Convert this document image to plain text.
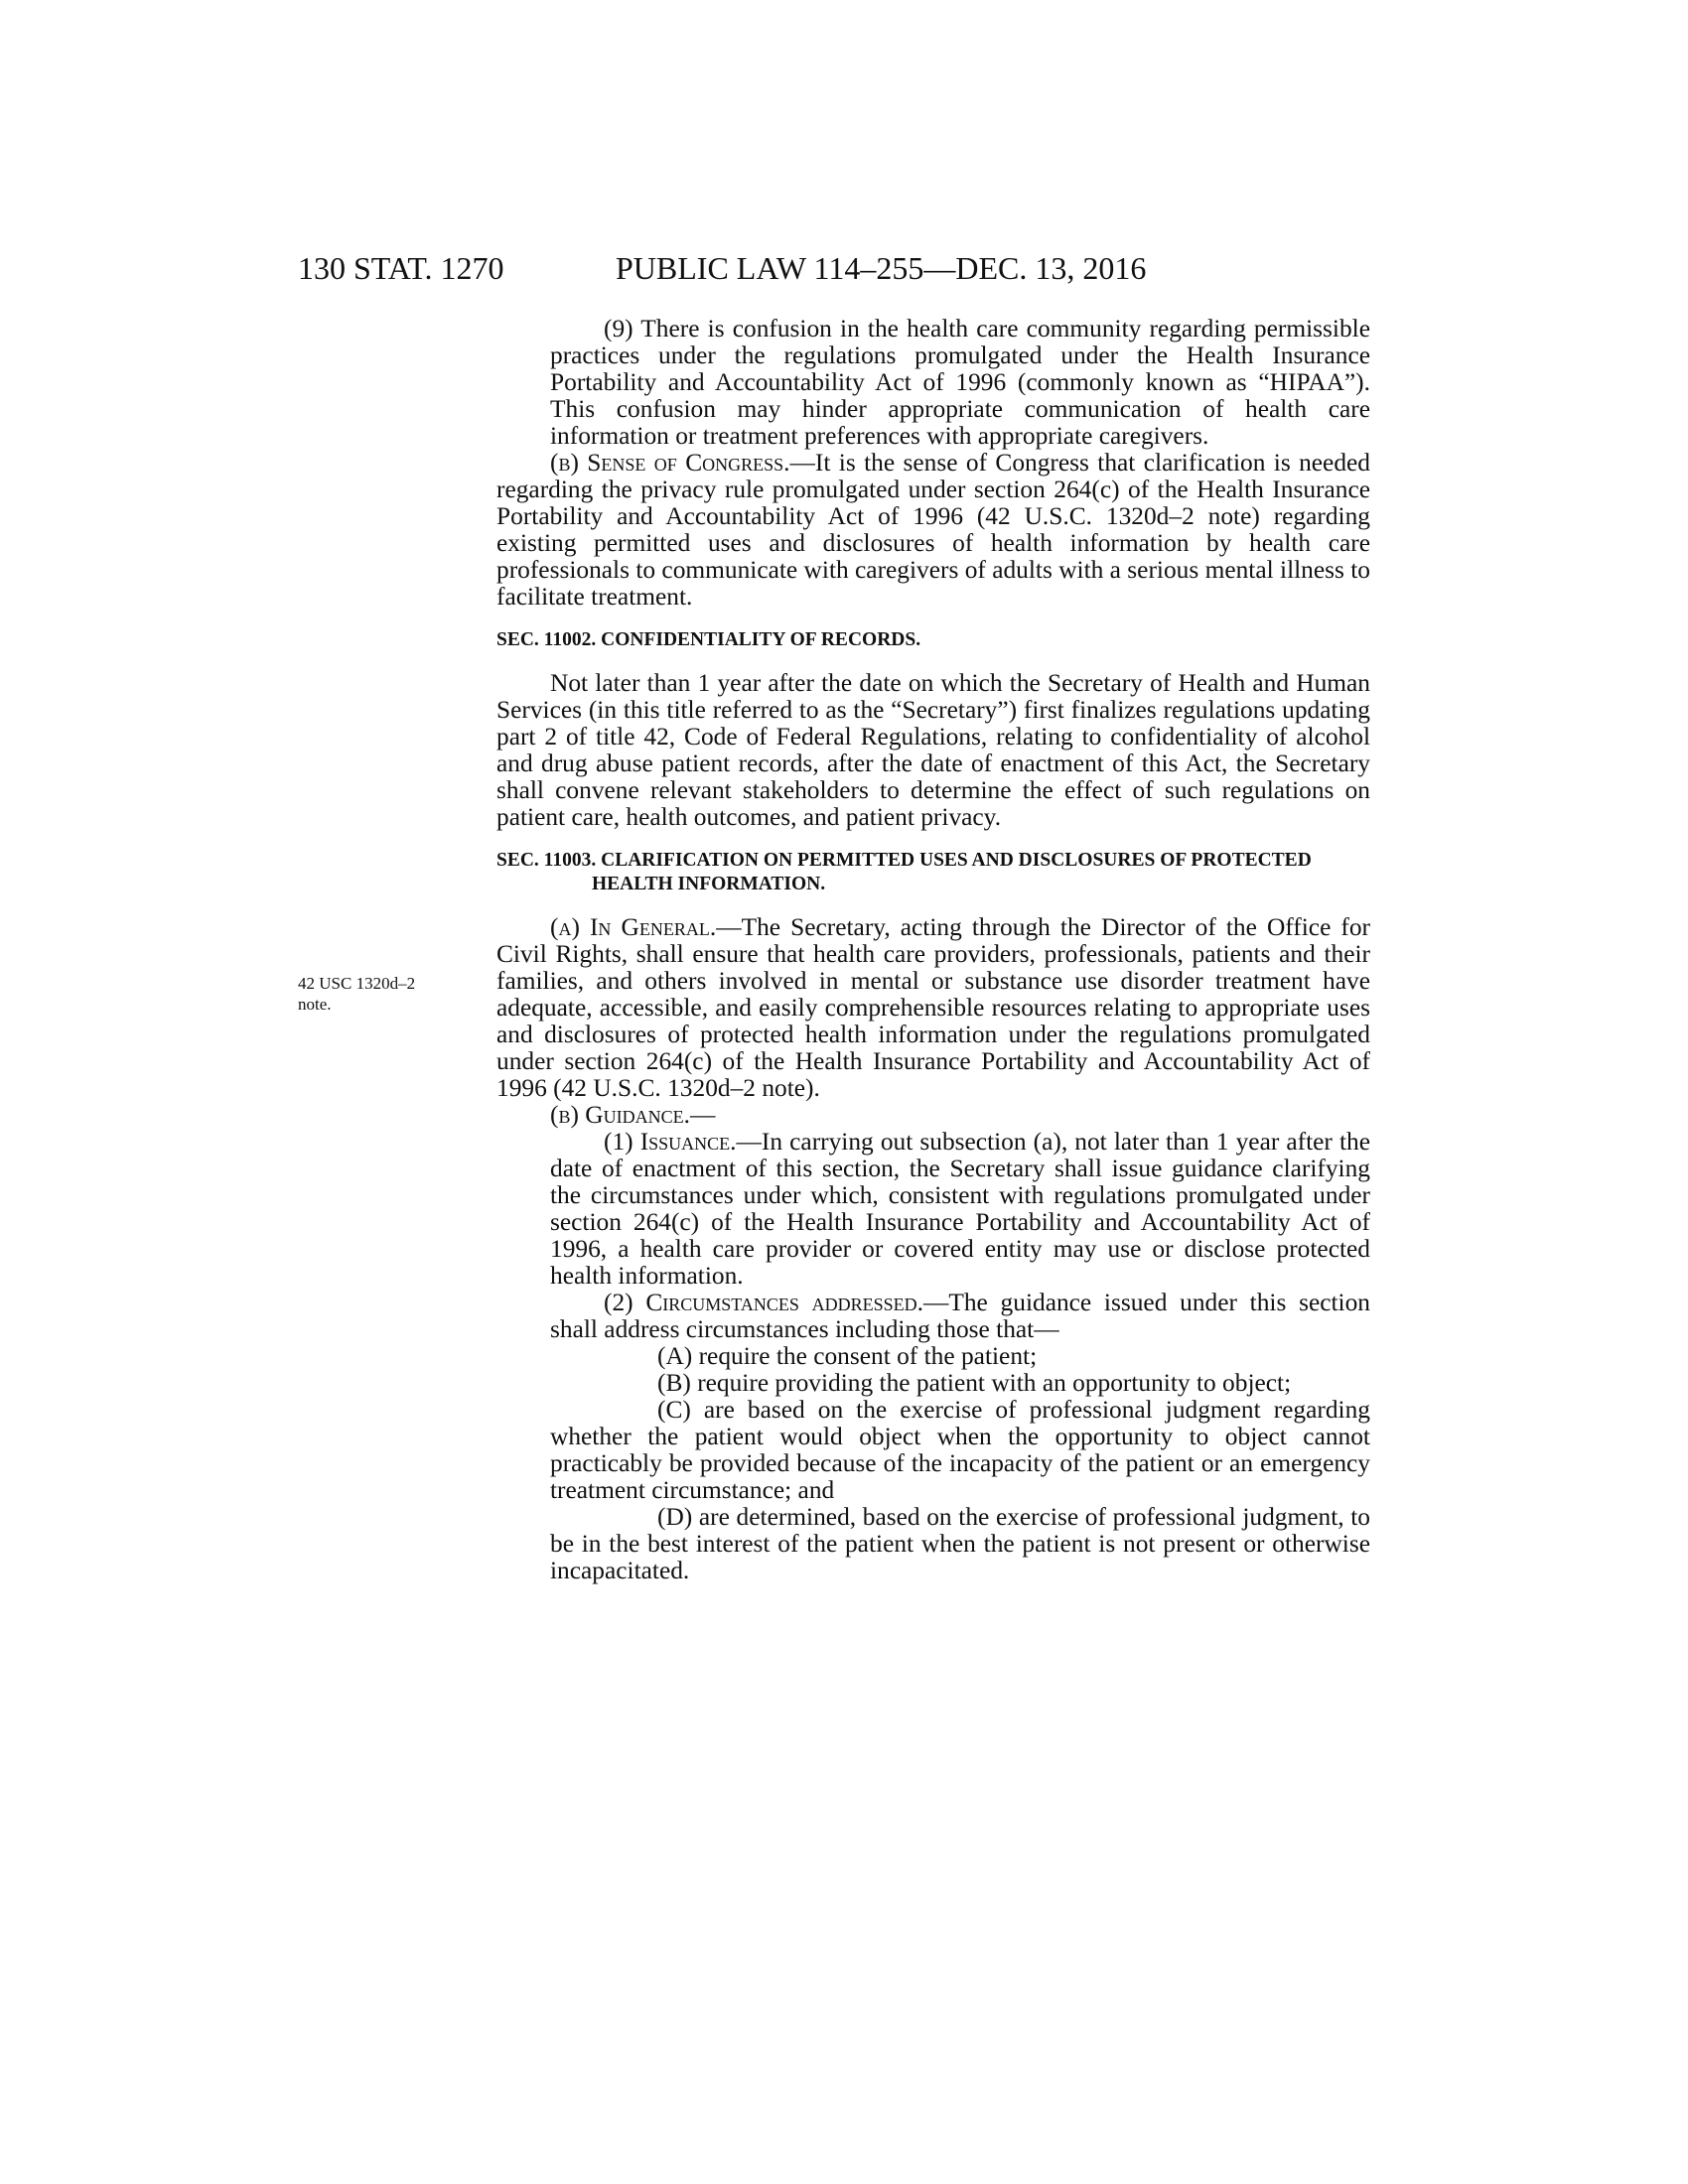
130 STAT. 1270	PUBLIC LAW 114–255—DEC. 13, 2016
42 USC 1320d–2
note.

(9) There is confusion in the health care community regarding permissible practices under the regulations promulgated under the Health Insurance Portability and Accountability Act of 1996 (commonly known as “HIPAA”). This confusion may hinder appropriate communication of health care information or treatment preferences with appropriate caregivers.

(b) Sense of Congress.—It is the sense of Congress that clarification is needed regarding the privacy rule promulgated under section 264(c) of the Health Insurance Portability and Accountability Act of 1996 (42 U.S.C. 1320d–2 note) regarding existing permitted uses and disclosures of health information by health care professionals to communicate with caregivers of adults with a serious mental illness to facilitate treatment.

SEC. 11002. CONFIDENTIALITY OF RECORDS.

Not later than 1 year after the date on which the Secretary of Health and Human Services (in this title referred to as the “Secretary”) first finalizes regulations updating part 2 of title 42, Code of Federal Regulations, relating to confidentiality of alcohol and drug abuse patient records, after the date of enactment of this Act, the Secretary shall convene relevant stakeholders to determine the effect of such regulations on patient care, health outcomes, and patient privacy.

SEC. 11003. CLARIFICATION ON PERMITTED USES AND DISCLOSURES OF PROTECTED HEALTH INFORMATION.

(a) In General.—The Secretary, acting through the Director of the Office for Civil Rights, shall ensure that health care providers, professionals, patients and their families, and others involved in mental or substance use disorder treatment have adequate, accessible, and easily comprehensible resources relating to appropriate uses and disclosures of protected health information under the regulations promulgated under section 264(c) of the Health Insurance Portability and Accountability Act of 1996 (42 U.S.C. 1320d–2 note).

(b) Guidance.—

(1) Issuance.—In carrying out subsection (a), not later than 1 year after the date of enactment of this section, the Secretary shall issue guidance clarifying the circumstances under which, consistent with regulations promulgated under section 264(c) of the Health Insurance Portability and Accountability Act of 1996, a health care provider or covered entity may use or disclose protected health information.

(2) Circumstances addressed.—The guidance issued under this section shall address circumstances including those that—

(A) require the consent of the patient;

(B) require providing the patient with an opportunity to object;

(C) are based on the exercise of professional judgment regarding whether the patient would object when the opportunity to object cannot practicably be provided because of the incapacity of the patient or an emergency treatment circumstance; and

(D) are determined, based on the exercise of professional judgment, to be in the best interest of the patient when the patient is not present or otherwise incapacitated.
